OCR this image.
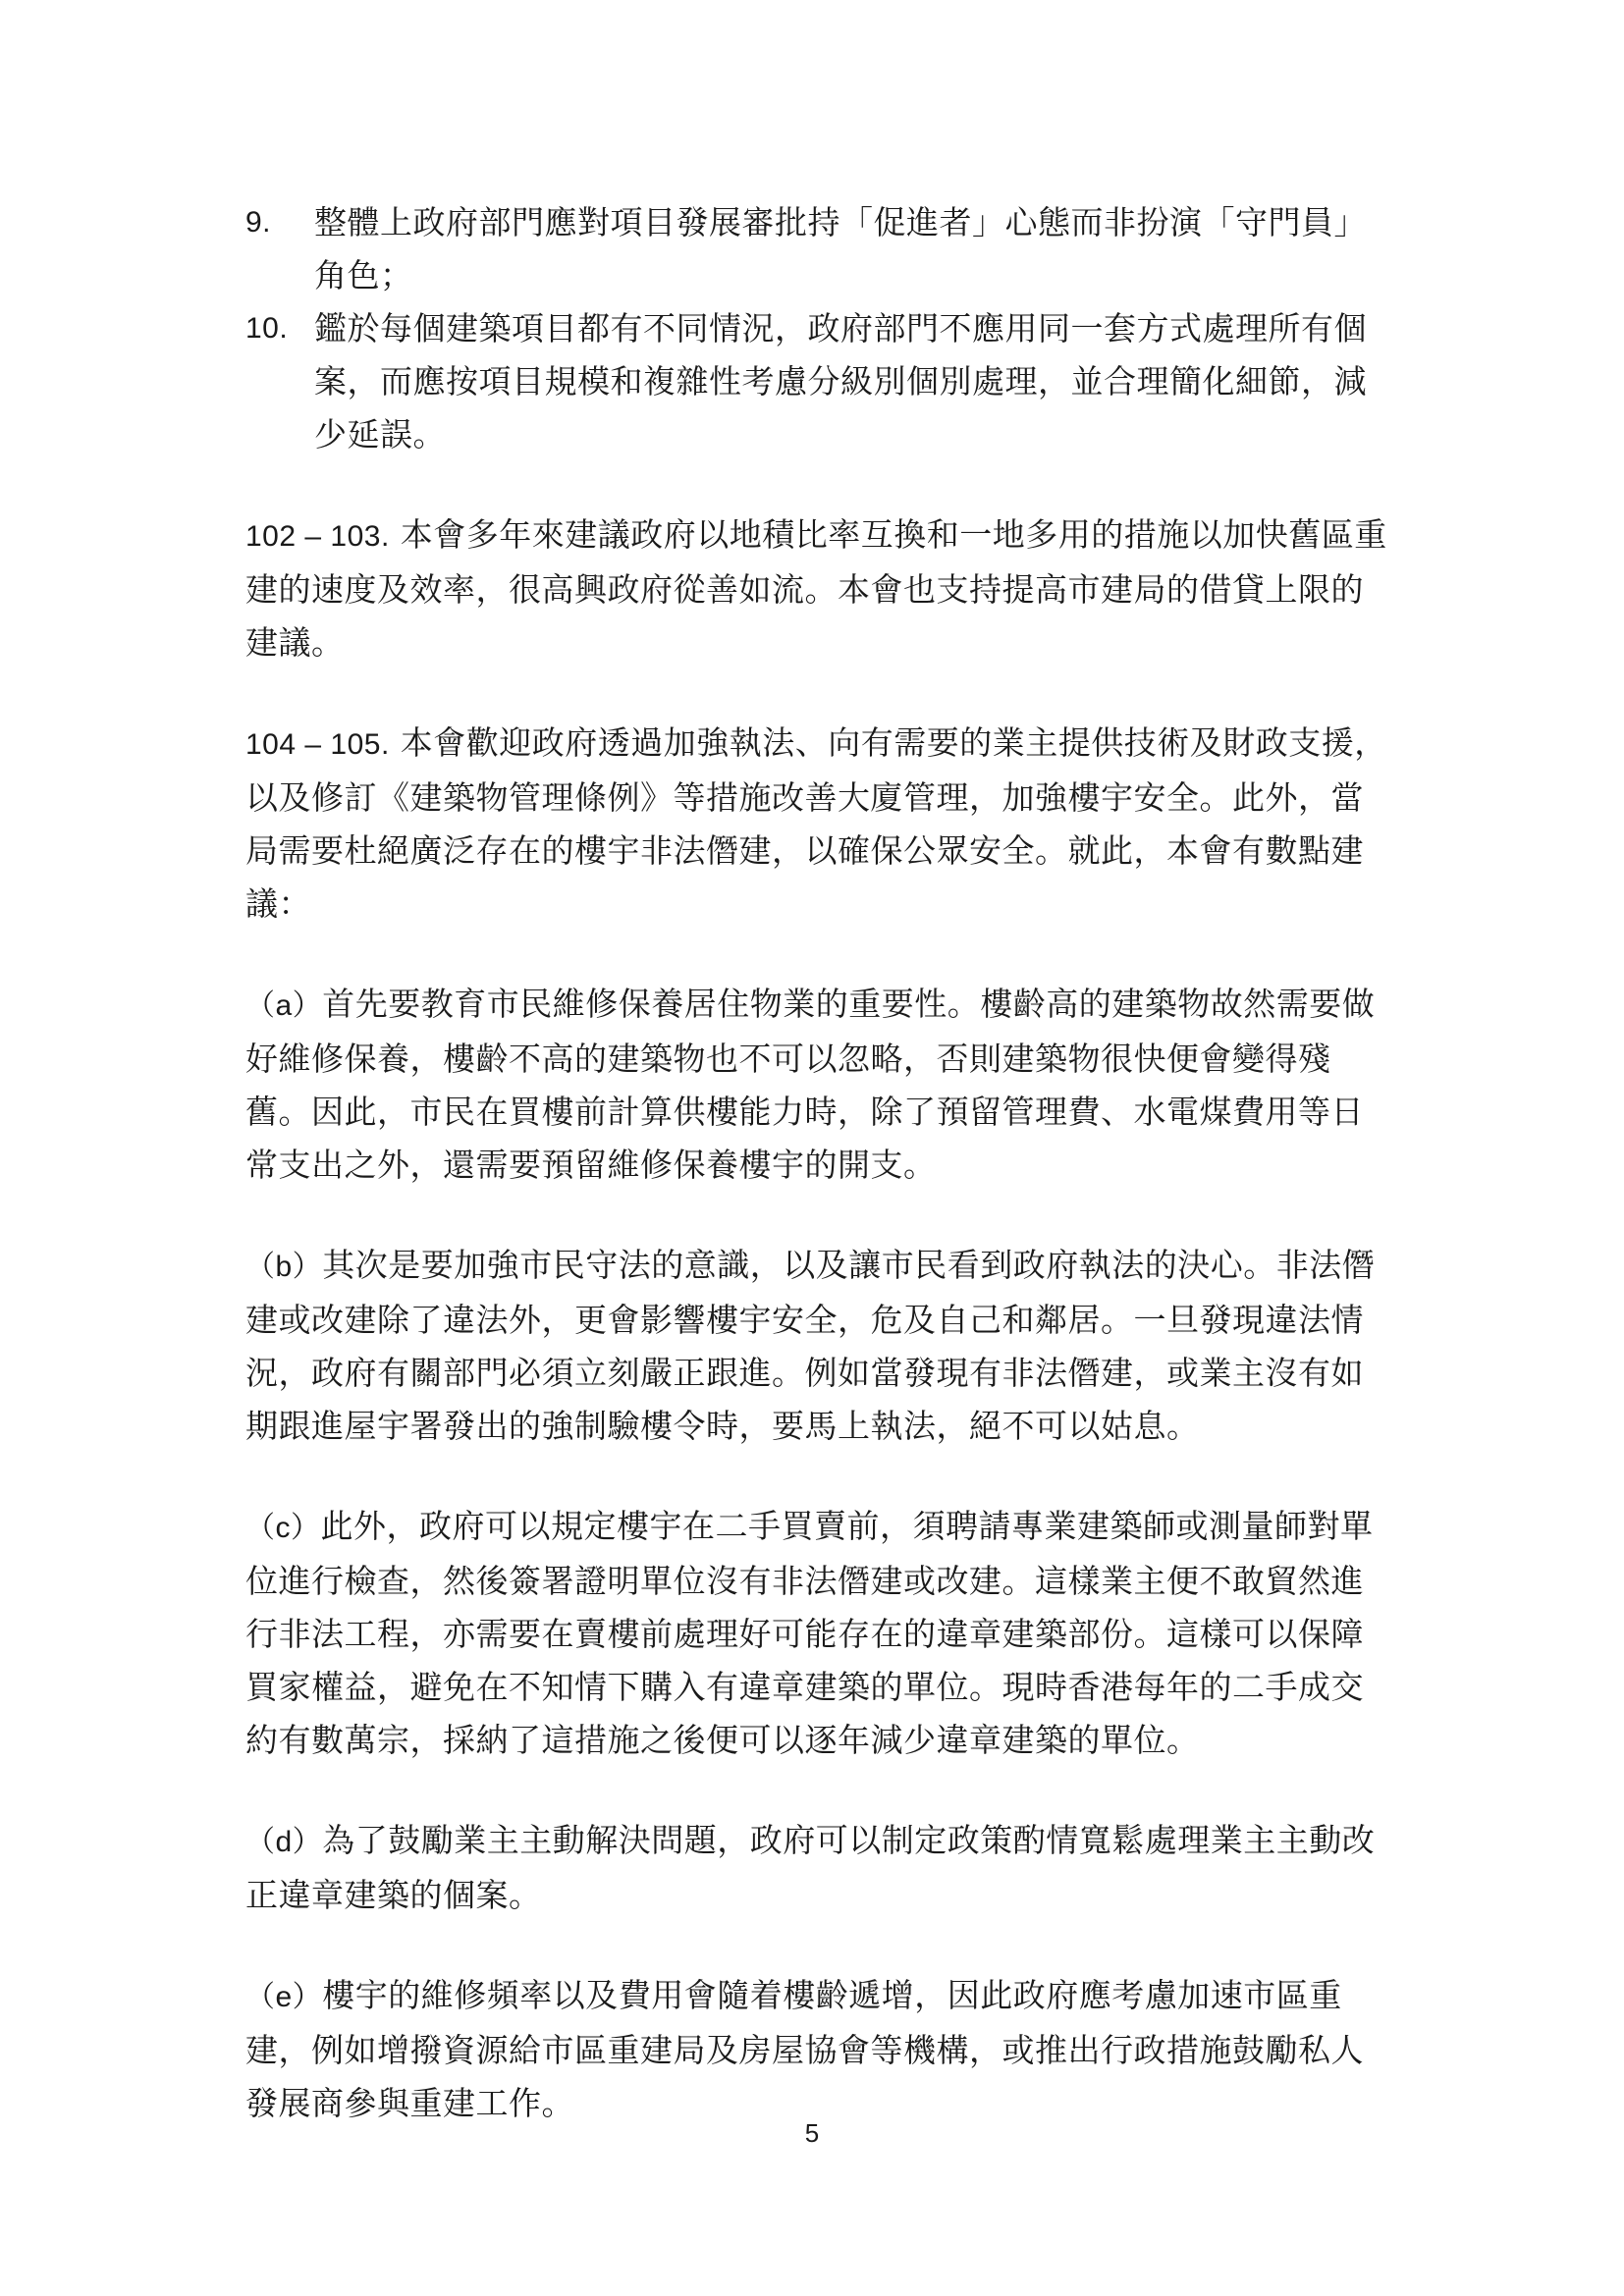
9.	整體上政府部門應對項目發展審批持「促進者」心態而非扮演「守門員」角色；
10. 鑑於每個建築項目都有不同情況，政府部門不應用同一套方式處理所有個案，而應按項目規模和複雜性考慮分級別個別處理，並合理簡化細節，減少延誤。

102 – 103. 本會多年來建議政府以地積比率互換和一地多用的措施以加快舊區重建的速度及效率，很高興政府從善如流。本會也支持提高市建局的借貸上限的建議。

104 – 105. 本會歡迎政府透過加強執法、向有需要的業主提供技術及財政支援，以及修訂《建築物管理條例》等措施改善大廈管理，加強樓宇安全。此外，當局需要杜絕廣泛存在的樓宇非法僭建，以確保公眾安全。就此，本會有數點建議：

（a）首先要教育市民維修保養居住物業的重要性。樓齡高的建築物故然需要做好維修保養，樓齡不高的建築物也不可以忽略，否則建築物很快便會變得殘舊。因此，市民在買樓前計算供樓能力時，除了預留管理費、水電煤費用等日常支出之外，還需要預留維修保養樓宇的開支。

（b）其次是要加強市民守法的意識，以及讓市民看到政府執法的決心。非法僭建或改建除了違法外，更會影響樓宇安全，危及自己和鄰居。一旦發現違法情況，政府有關部門必須立刻嚴正跟進。例如當發現有非法僭建，或業主沒有如期跟進屋宇署發出的強制驗樓令時，要馬上執法，絕不可以姑息。

（c）此外，政府可以規定樓宇在二手買賣前，須聘請專業建築師或測量師對單位進行檢查，然後簽署證明單位沒有非法僭建或改建。這樣業主便不敢貿然進行非法工程，亦需要在賣樓前處理好可能存在的違章建築部份。這樣可以保障買家權益，避免在不知情下購入有違章建築的單位。現時香港每年的二手成交約有數萬宗，採納了這措施之後便可以逐年減少違章建築的單位。

（d）為了鼓勵業主主動解決問題，政府可以制定政策酌情寬鬆處理業主主動改正違章建築的個案。

（e）樓宇的維修頻率以及費用會隨着樓齡遞增，因此政府應考慮加速市區重建，例如增撥資源給市區重建局及房屋協會等機構，或推出行政措施鼓勵私人發展商參與重建工作。

5
